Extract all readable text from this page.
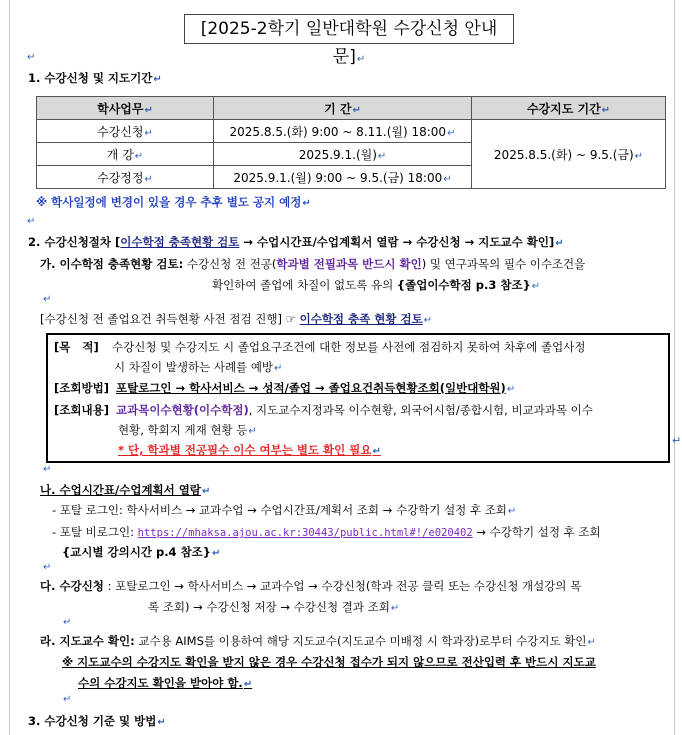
[2025-2학기 일반대학원 수강신청 안내문]↵
↵
1. 수강신청 및 지도기간↵
학사업무↵	기 간↵	수강지도 기간↵
수강신청↵	2025.8.5.(화) 9:00 ~ 8.11.(월) 18:00↵	2025.8.5.(화) ~ 9.5.(금)↵
개 강↵	2025.9.1.(월)↵	
수강정정↵	2025.9.1.(월) 9:00 ~ 9.5.(금) 18:00↵	
※ 학사일정에 변경이 있을 경우 추후 별도 공지 예정↵
↵
2. 수강신청절차 [이수학점 충족현황 검토 → 수업시간표/수업계획서 열람 → 수강신청 → 지도교수 확인]↵
가. 이수학점 충족현황 검토: 수강신청 전 전공(학과별 전필과목 반드시 확인) 및 연구과목의 필수 이수조건을
확인하여 졸업에 차질이 없도록 유의 {졸업이수학점 p.3 참조}↵
↵
[수강신청 전 졸업요건 취득현황 사전 점검 진행] ☞ 이수학점 충족 현황 검토↵
[목   적] 수강신청 및 수강지도 시 졸업요구조건에 대한 정보를 사전에 점검하지 못하여 차후에 졸업사정
시 차질이 발생하는 사례를 예방↵
[조회방법] 포탈로그인 → 학사서비스 → 성적/졸업 → 졸업요건취득현황조회(일반대학원)↵
[조회내용] 교과목이수현황(이수학점), 지도교수지정과목 이수현황, 외국어시험/종합시험, 비교과과목 이수
현황, 학회지 게재 현황 등↵
* 단, 학과별 전공필수 이수 여부는 별도 확인 필요↵
↵
↵
나. 수업시간표/수업계획서 열람↵
- 포탈 로그인: 학사서비스 → 교과수업 → 수업시간표/계획서 조회 → 수강학기 설정 후 조회↵
- 포탈 비로그인: https://mhaksa.ajou.ac.kr:30443/public.html#!/e020402 → 수강학기 설정 후 조회
{교시별 강의시간 p.4 참조}↵
↵
다. 수강신청 : 포탈로그인 → 학사서비스 → 교과수업 → 수강신청(학과 전공 클릭 또는 수강신청 개설강의 목
록 조회) → 수강신청 저장 → 수강신청 결과 조회↵
↵
라. 지도교수 확인: 교수용 AIMS를 이용하여 해당 지도교수(지도교수 미배정 시 학과장)로부터 수강지도 확인↵
※ 지도교수의 수강지도 확인을 받지 않은 경우 수강신청 접수가 되지 않으므로 전산입력 후 반드시 지도교
수의 수강지도 확인을 받아야 함.↵
↵
3. 수강신청 기준 및 방법↵
